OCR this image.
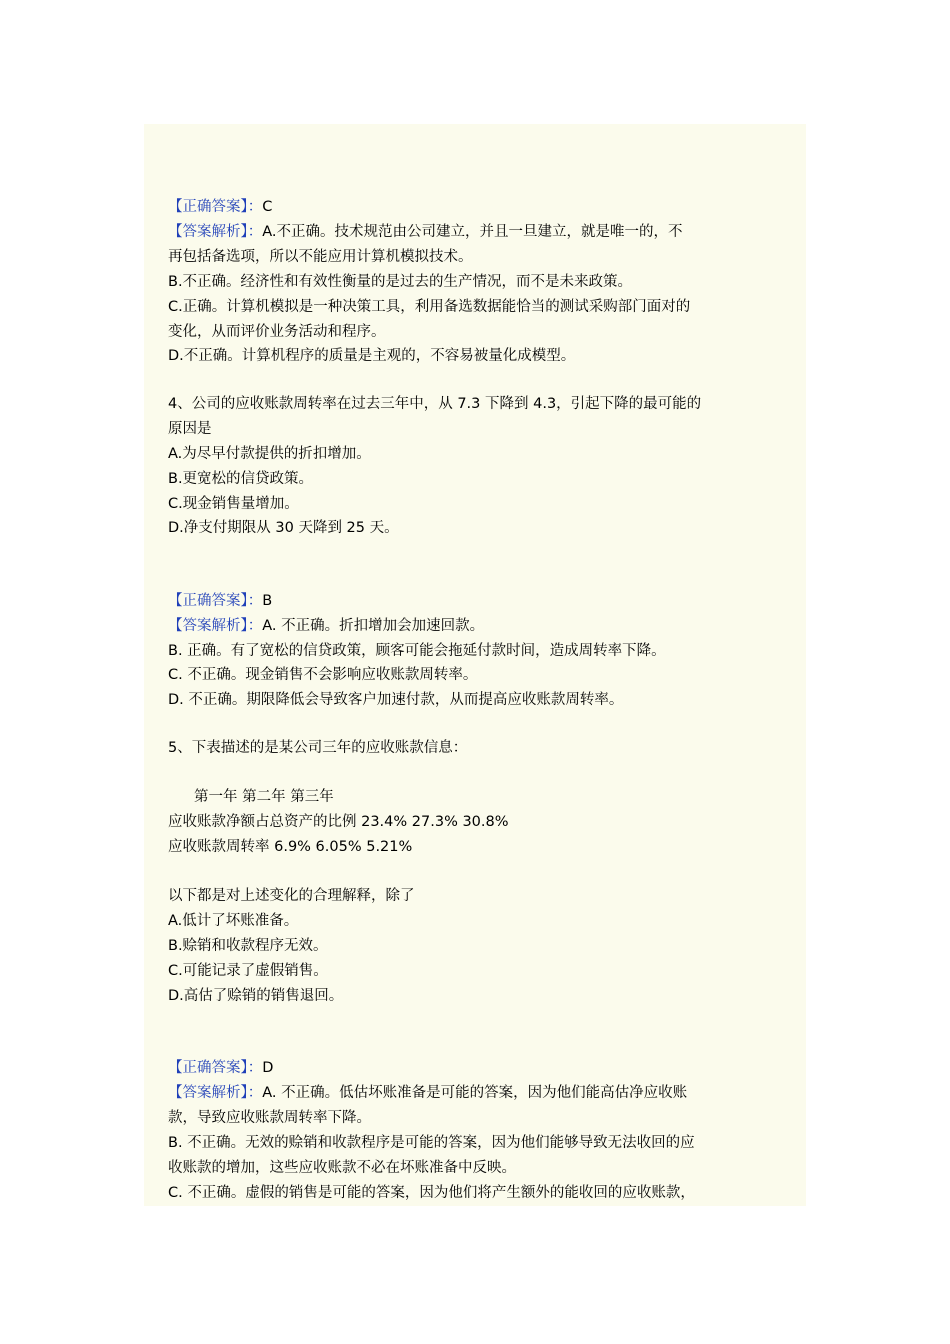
【正确答案】：C
【答案解析】：A.不正确。技术规范由公司建立，并且一旦建立，就是唯一的，不
再包括备选项，所以不能应用计算机模拟技术。
B.不正确。经济性和有效性衡量的是过去的生产情况，而不是未来政策。
C.正确。计算机模拟是一种决策工具，利用备选数据能恰当的测试采购部门面对的
变化，从而评价业务活动和程序。
D.不正确。计算机程序的质量是主观的，不容易被量化成模型。
4、公司的应收账款周转率在过去三年中，从 7.3 下降到 4.3，引起下降的最可能的
原因是
A.为尽早付款提供的折扣增加。
B.更宽松的信贷政策。
C.现金销售量增加。
D.净支付期限从 30 天降到 25 天。
【正确答案】：B
【答案解析】：A. 不正确。折扣增加会加速回款。
B. 正确。有了宽松的信贷政策，顾客可能会拖延付款时间，造成周转率下降。
C. 不正确。现金销售不会影响应收账款周转率。
D. 不正确。期限降低会导致客户加速付款，从而提高应收账款周转率。
5、下表描述的是某公司三年的应收账款信息：
第一年 第二年 第三年
应收账款净额占总资产的比例 23.4% 27.3% 30.8%
应收账款周转率 6.9% 6.05% 5.21%
以下都是对上述变化的合理解释，除了
A.低计了坏账准备。
B.赊销和收款程序无效。
C.可能记录了虚假销售。
D.高估了赊销的销售退回。
【正确答案】：D
【答案解析】：A. 不正确。低估坏账准备是可能的答案，因为他们能高估净应收账
款，导致应收账款周转率下降。
B. 不正确。无效的赊销和收款程序是可能的答案，因为他们能够导致无法收回的应
收账款的增加，这些应收账款不必在坏账准备中反映。
C. 不正确。虚假的销售是可能的答案，因为他们将产生额外的能收回的应收账款，
